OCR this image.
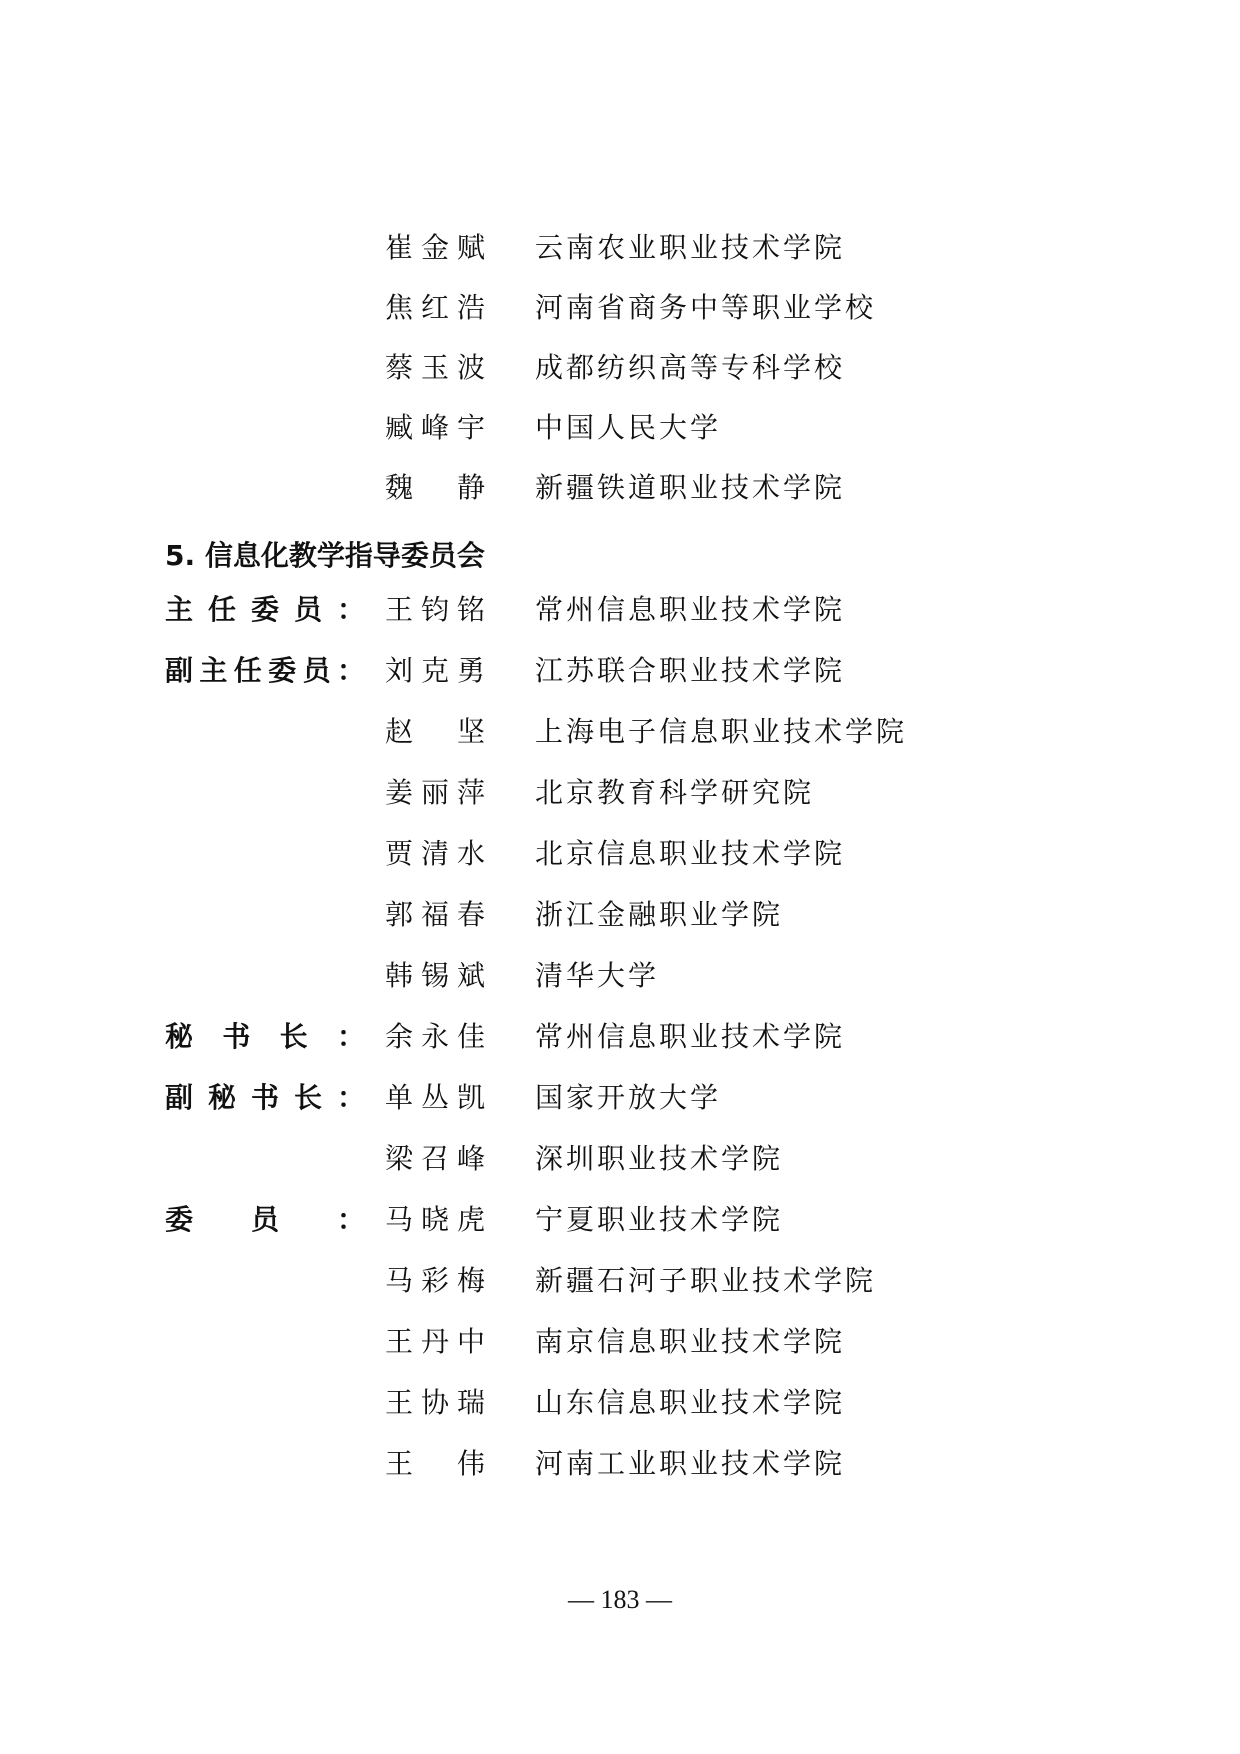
崔 金 赋 云南农业职业技术学院
焦 红 浩 河南省商务中等职业学校
蔡 玉 波 成都纺织高等专科学校
臧 峰 宇 中国人民大学
魏
　 静 新疆铁道职业技术学院
5. 信息化教学指导委员会
主 任 委 员 ： 王 钧 铭 常州信息职业技术学院
副 主 任 委 员 ： 刘 克 勇 江苏联合职业技术学院
赵
　 坚 上海电子信息职业技术学院
姜 丽 萍 北京教育科学研究院
贾 清 水 北京信息职业技术学院
郭 福 春 浙江金融职业学院
韩 锡 斌 清华大学
秘 书 长 ： 余 永 佳 常州信息职业技术学院
副 秘 书 长 ： 单 丛 凯 国家开放大学
梁 召 峰 深圳职业技术学院
委 员 ： 马 晓 虎 宁夏职业技术学院
马 彩 梅 新疆石河子职业技术学院
王 丹 中 南京信息职业技术学院
王 协 瑞 山东信息职业技术学院
王
　 伟 河南工业职业技术学院
— 183 —
